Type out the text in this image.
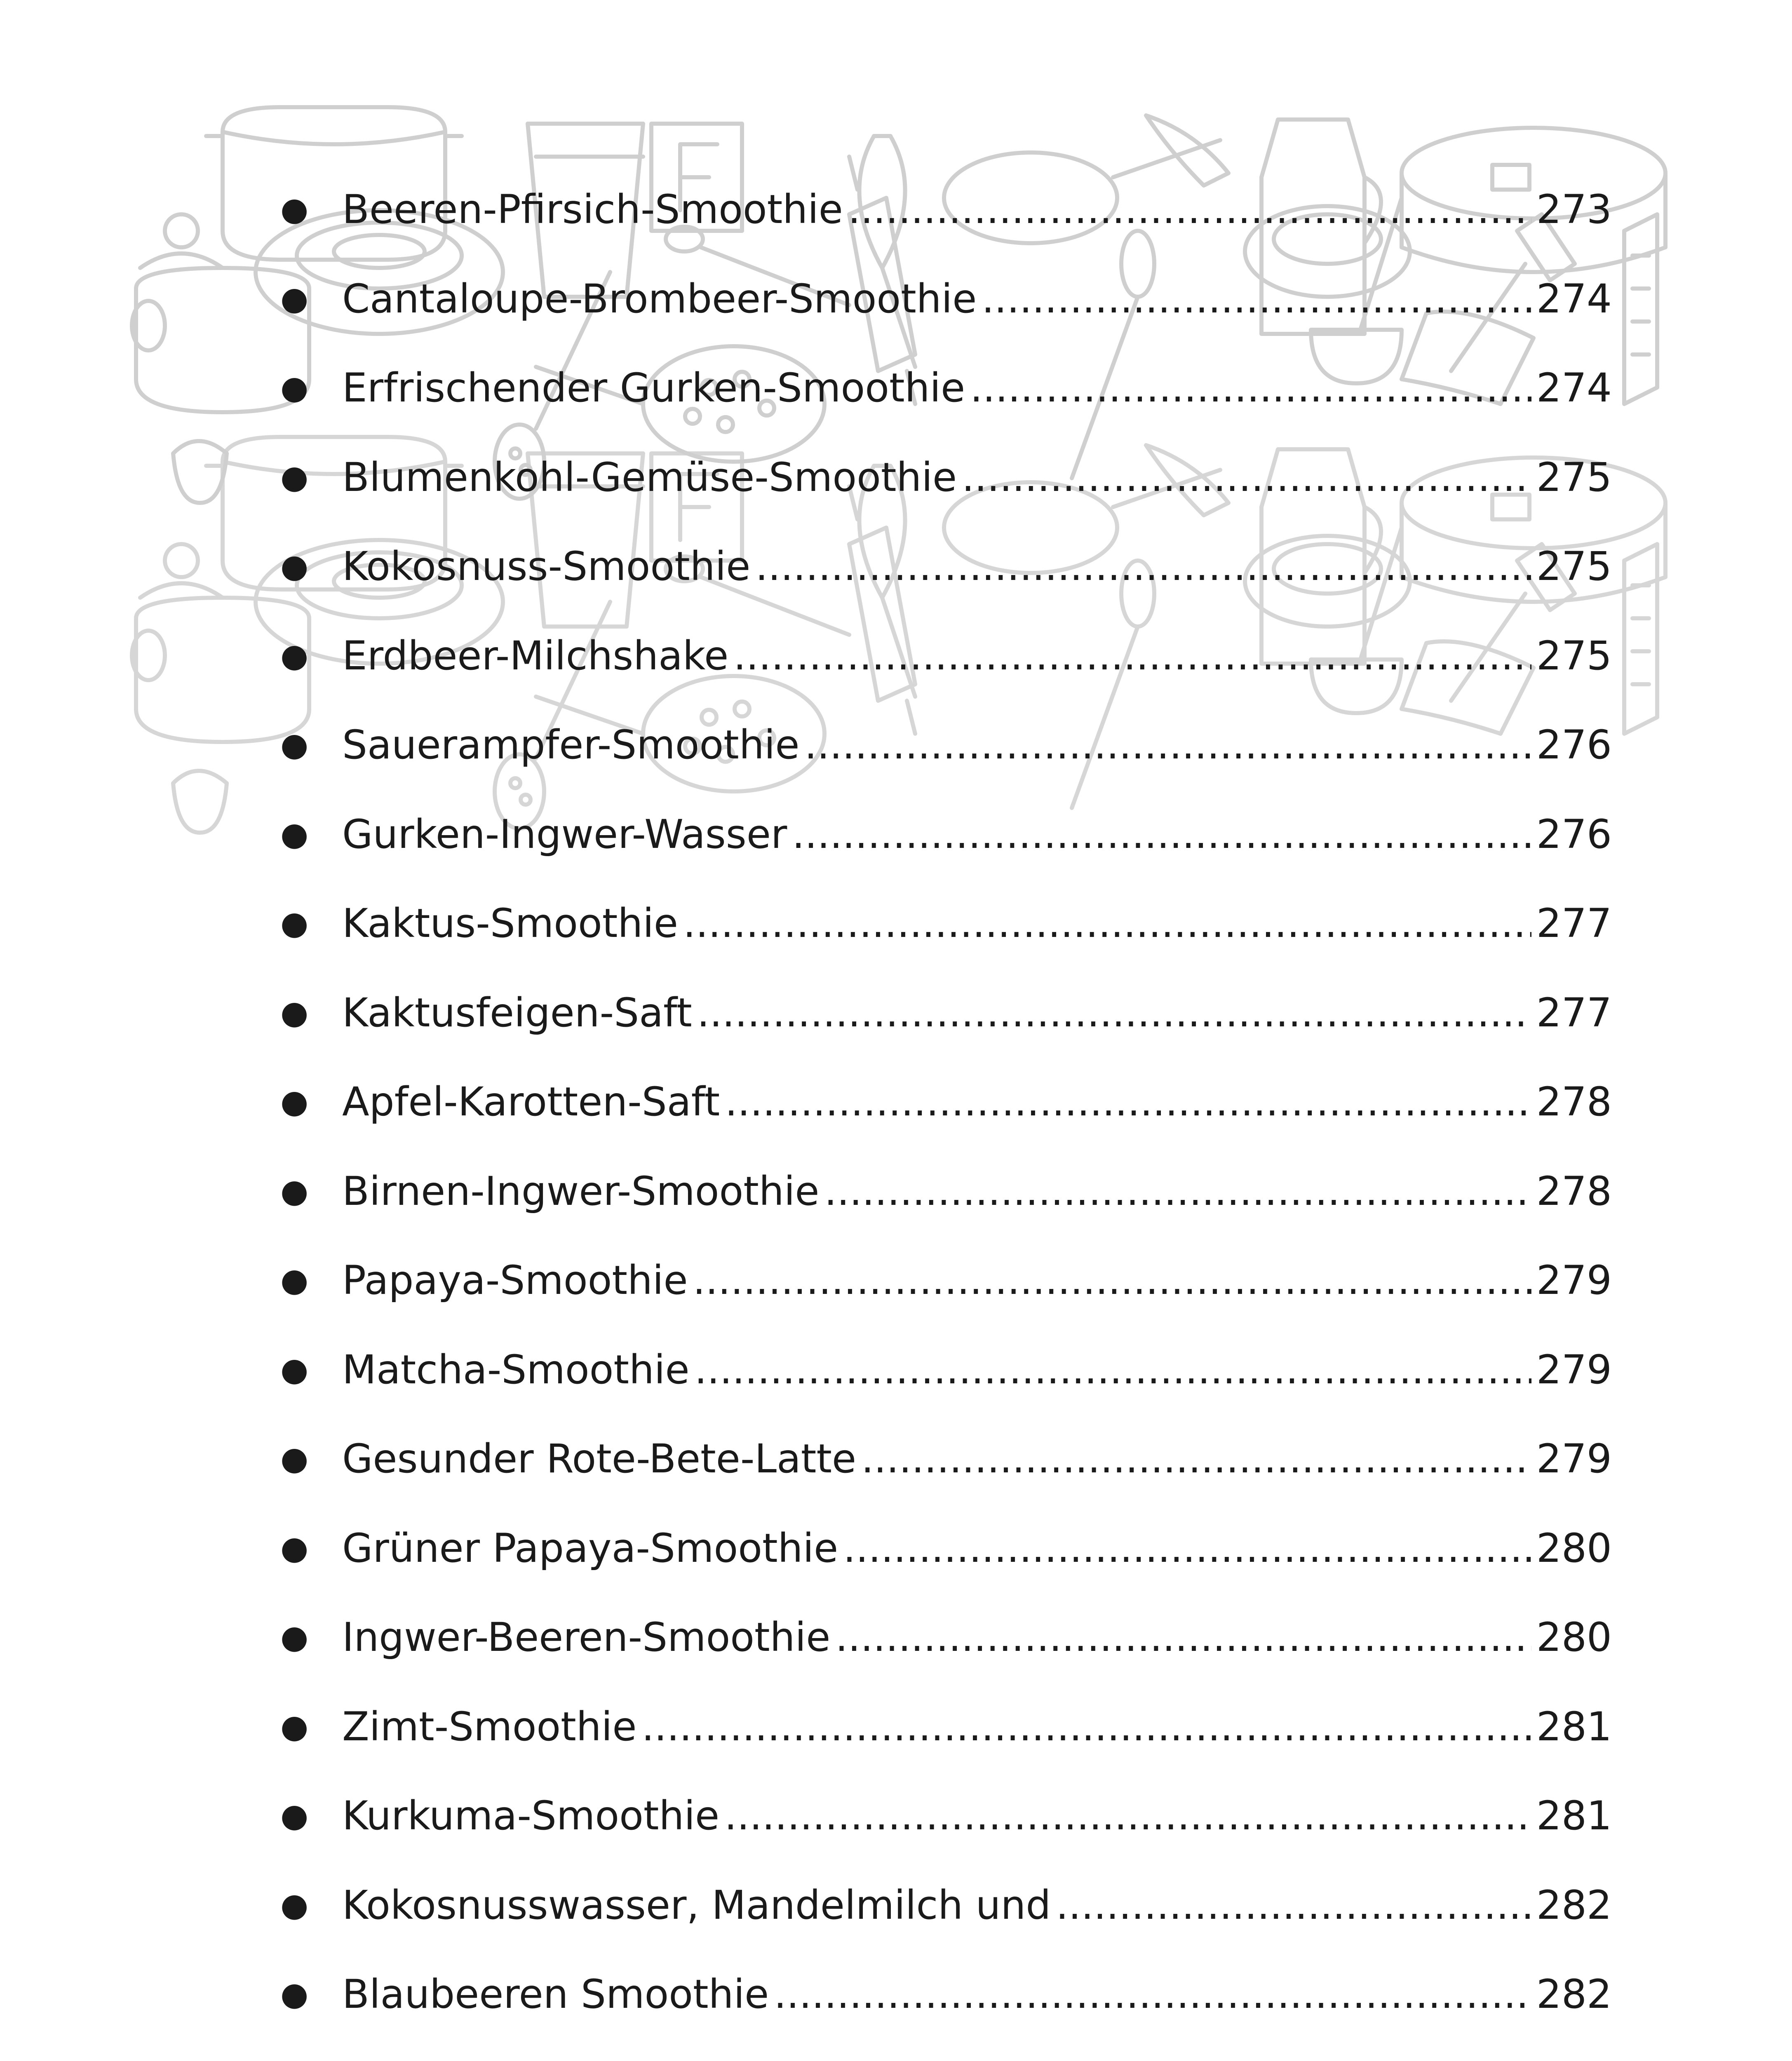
● Beeren-Pfirsich-Smoothie .....	273
● Cantaloupe-Brombeer-Smoothie .....	274
● Erfrischender Gurken-Smoothie .....	274
● Blumenkohl-Gemüse-Smoothie .....	275
● Kokosnuss-Smoothie .....	275
● Erdbeer-Milchshake .....	275
● Sauerampfer-Smoothie .....	276
● Gurken-Ingwer-Wasser .....	276
● Kaktus-Smoothie .....	277
● Kaktusfeigen-Saft .....	277
● Apfel-Karotten-Saft .....	278
● Birnen-Ingwer-Smoothie .....	278
● Papaya-Smoothie .....	279
● Matcha-Smoothie .....	279
● Gesunder Rote-Bete-Latte .....	279
● Grüner Papaya-Smoothie .....	280
● Ingwer-Beeren-Smoothie .....	280
● Zimt-Smoothie .....	281
● Kurkuma-Smoothie .....	281
● Kokosnusswasser, Mandelmilch und .....	282
● Blaubeeren Smoothie .....	282
